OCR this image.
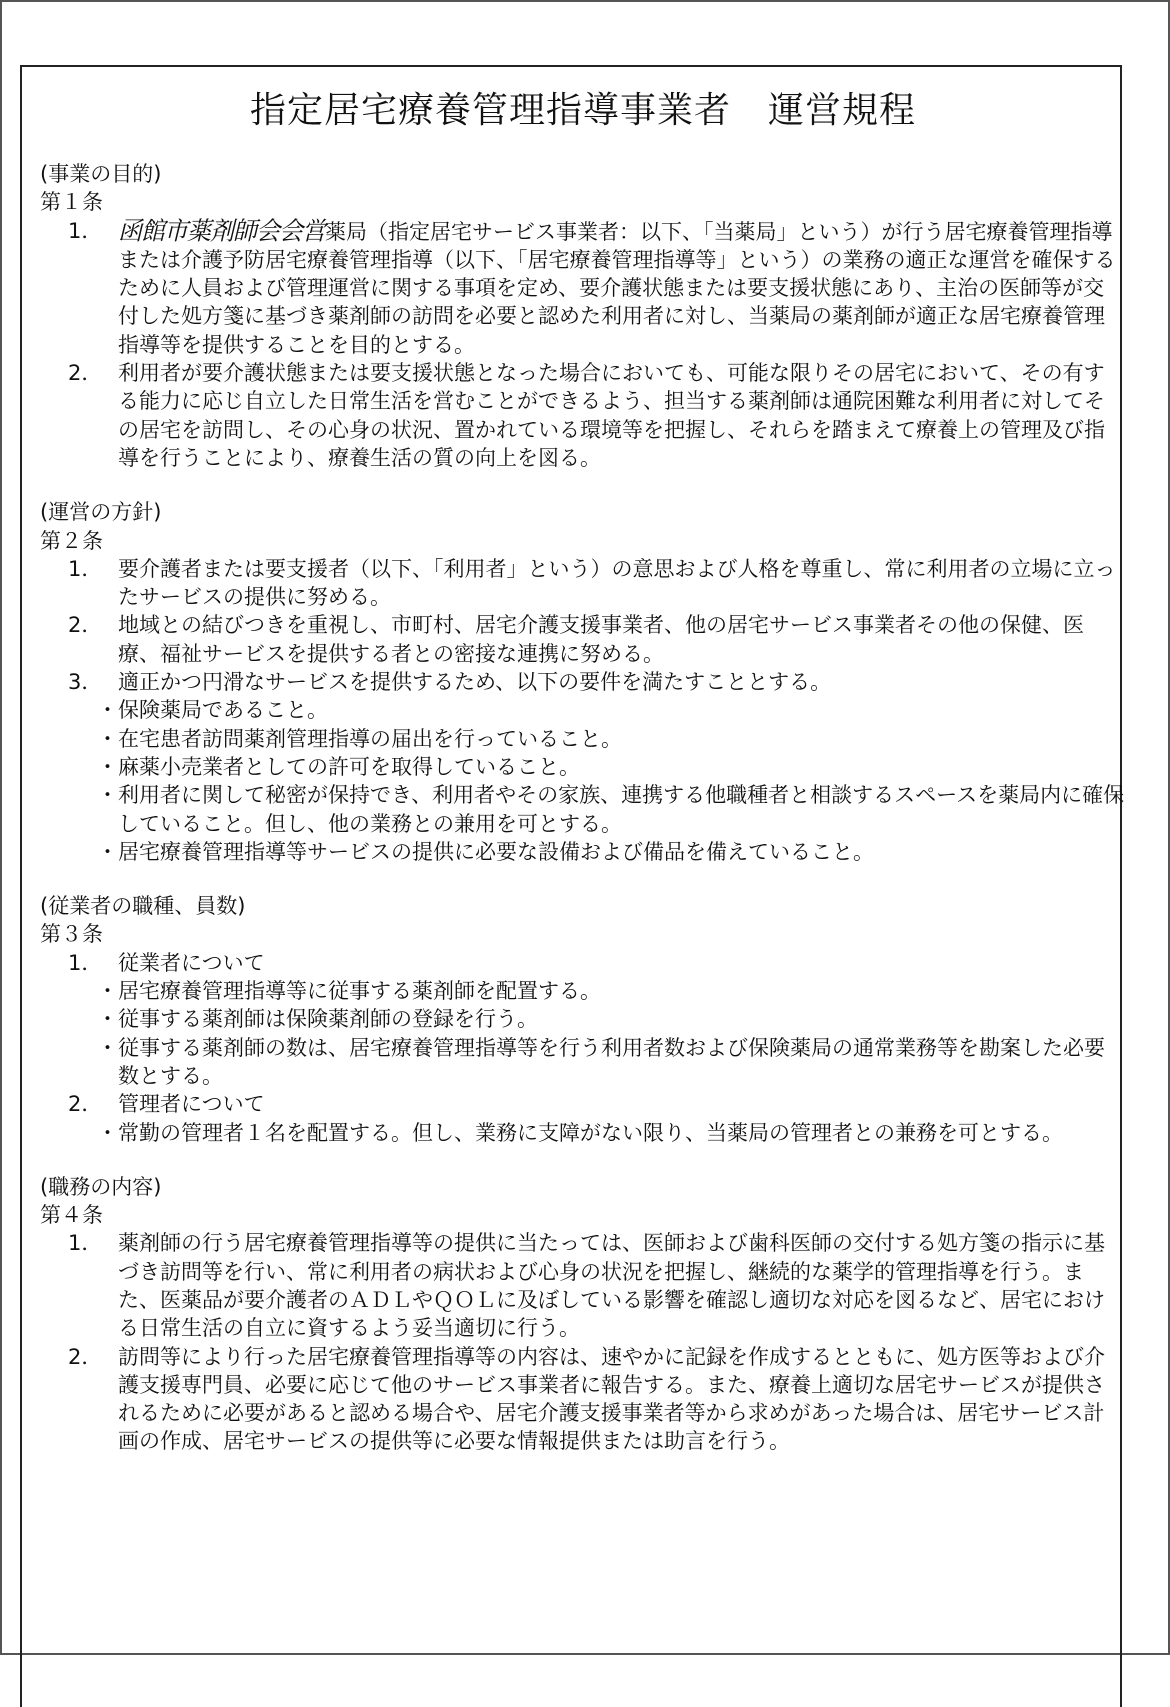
指定居宅療養管理指導事業者　運営規程
(事業の目的)
第１条
1． 函館市薬剤師会会営薬局（指定居宅サービス事業者：以下、「当薬局」という）が行う居宅療養管理指導または介護予防居宅療養管理指導（以下、「居宅療養管理指導等」という）の業務の適正な運営を確保するために人員および管理運営に関する事項を定め、要介護状態または要支援状態にあり、主治の医師等が交付した処方箋に基づき薬剤師の訪問を必要と認めた利用者に対し、当薬局の薬剤師が適正な居宅療養管理指導等を提供することを目的とする。
2． 利用者が要介護状態または要支援状態となった場合においても、可能な限りその居宅において、その有する能力に応じ自立した日常生活を営むことができるよう、担当する薬剤師は通院困難な利用者に対してその居宅を訪問し、その心身の状況、置かれている環境等を把握し、それらを踏まえて療養上の管理及び指導を行うことにより、療養生活の質の向上を図る。
(運営の方針)
第２条
1． 要介護者または要支援者（以下、「利用者」という）の意思および人格を尊重し、常に利用者の立場に立ったサービスの提供に努める。
2． 地域との結びつきを重視し、市町村、居宅介護支援事業者、他の居宅サービス事業者その他の保健、医療、福祉サービスを提供する者との密接な連携に努める。
3． 適正かつ円滑なサービスを提供するため、以下の要件を満たすこととする。
・ 保険薬局であること。
・ 在宅患者訪問薬剤管理指導の届出を行っていること。
・ 麻薬小売業者としての許可を取得していること。
・ 利用者に関して秘密が保持でき、利用者やその家族、連携する他職種者と相談するスペースを薬局内に確保していること。但し、他の業務との兼用を可とする。
・ 居宅療養管理指導等サービスの提供に必要な設備および備品を備えていること。
(従業者の職種、員数)
第３条
1． 従業者について
・ 居宅療養管理指導等に従事する薬剤師を配置する。
・ 従事する薬剤師は保険薬剤師の登録を行う。
・ 従事する薬剤師の数は、居宅療養管理指導等を行う利用者数および保険薬局の通常業務等を勘案した必要数とする。
2． 管理者について
・ 常勤の管理者１名を配置する。但し、業務に支障がない限り、当薬局の管理者との兼務を可とする。
(職務の内容)
第４条
1． 薬剤師の行う居宅療養管理指導等の提供に当たっては、医師および歯科医師の交付する処方箋の指示に基づき訪問等を行い、常に利用者の病状および心身の状況を把握し、継続的な薬学的管理指導を行う。また、医薬品が要介護者のＡＤＬやＱＯＬに及ぼしている影響を確認し適切な対応を図るなど、居宅における日常生活の自立に資するよう妥当適切に行う。
2． 訪問等により行った居宅療養管理指導等の内容は、速やかに記録を作成するとともに、処方医等および介護支援専門員、必要に応じて他のサービス事業者に報告する。また、療養上適切な居宅サービスが提供されるために必要があると認める場合や、居宅介護支援事業者等から求めがあった場合は、居宅サービス計画の作成、居宅サービスの提供等に必要な情報提供または助言を行う。
